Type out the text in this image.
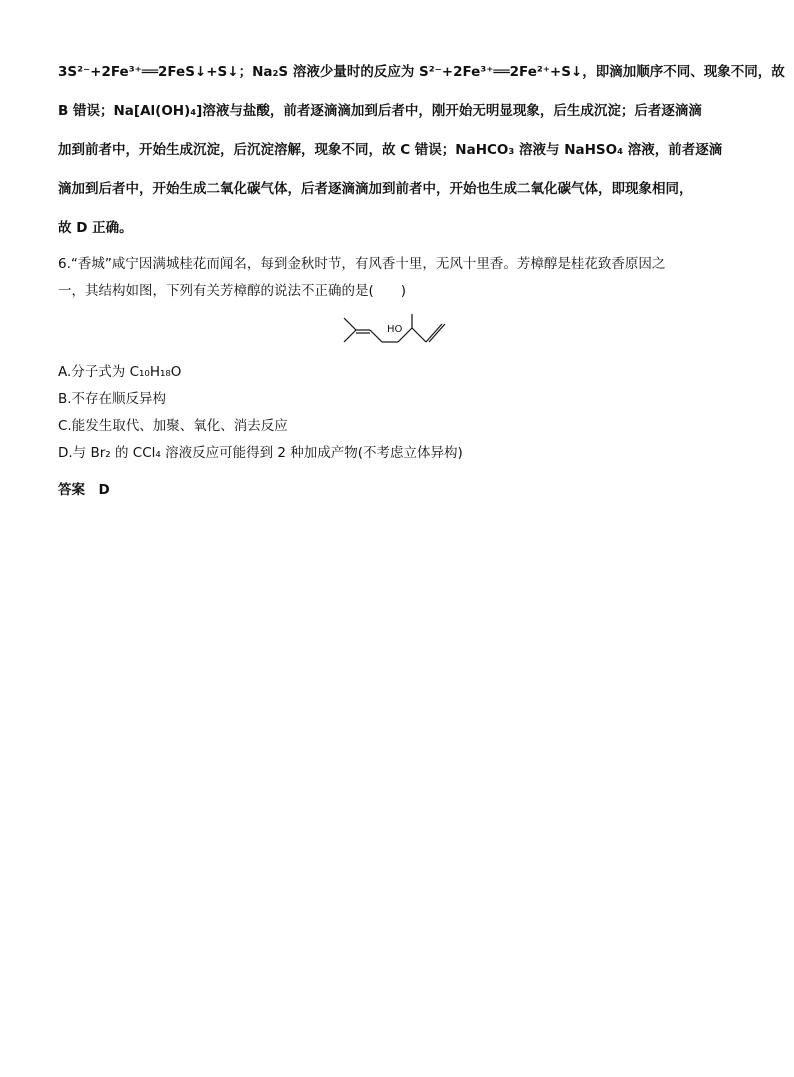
3S²⁻+2Fe³⁺══2FeS↓+S↓；Na₂S 溶液少量时的反应为 S²⁻+2Fe³⁺══2Fe²⁺+S↓，即滴加顺序不同、现象不同，故
B 错误；Na[Al(OH)₄]溶液与盐酸，前者逐滴滴加到后者中，刚开始无明显现象，后生成沉淀；后者逐滴滴
加到前者中，开始生成沉淀，后沉淀溶解，现象不同，故 C 错误；NaHCO₃ 溶液与 NaHSO₄ 溶液，前者逐滴
滴加到后者中，开始生成二氧化碳气体，后者逐滴滴加到前者中，开始也生成二氧化碳气体，即现象相同，
故 D 正确。
6.“香城”咸宁因满城桂花而闻名，每到金秋时节，有风香十里，无风十里香。芳樟醇是桂花致香原因之
一，其结构如图，下列有关芳樟醇的说法不正确的是(　　)
HO
A.分子式为 C₁₀H₁₈O
B.不存在顺反异构
C.能发生取代、加聚、氧化、消去反应
D.与 Br₂ 的 CCl₄ 溶液反应可能得到 2 种加成产物(不考虑立体异构)
答案　D
